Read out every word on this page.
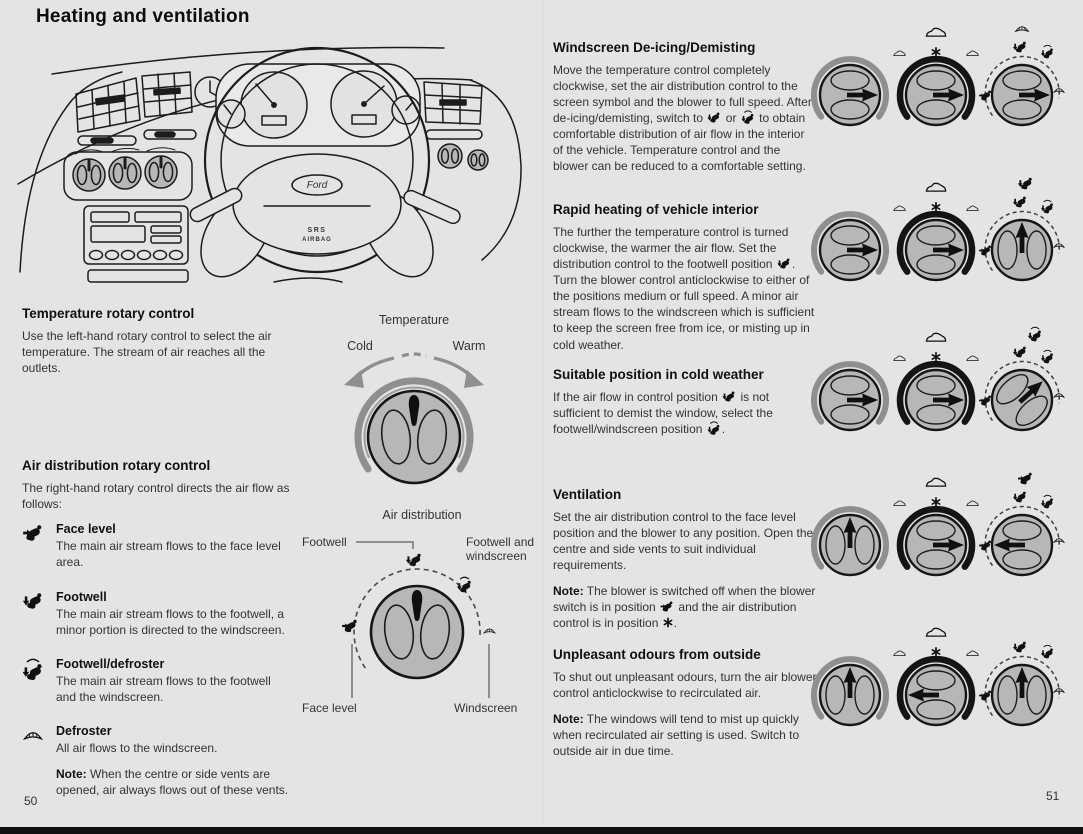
Heating and ventilation
Ford
SRS
AIRBAG
Temperature rotary control

Use the left-hand rotary control to select the air temperature. The stream of air reaches all the outlets.

Air distribution rotary control

The right-hand rotary control directs the air flow as follows:

Face level

The main air stream flows to the face level area.

Footwell

The main air stream flows to the footwell, a minor portion is directed to the windscreen.

Footwell/defroster

The main air stream flows to the footwell and the windscreen.

Defroster

All air flows to the windscreen.

Note: When the centre or side vents are opened, air always flows out of these vents.

Temperature
Cold	Warm
Air distribution
Footwell	Footwell and
windscreen
Face level	Windscreen
Windscreen De-icing/Demisting

Move the temperature control completely clockwise, set the air distribution control to the screen symbol and the blower to full speed. After de-icing/demisting, switch to or to obtain comfortable distribution of air flow in the interior of the vehicle. Temperature control and the blower can be reduced to a comfortable setting.

Rapid heating of vehicle interior

The further the temperature control is turned clockwise, the warmer the air flow. Set the distribution control to the footwell position . Turn the blower control anticlockwise to either of the positions medium or full speed. A minor air stream flows to the windscreen which is sufficient to keep the screen free from ice, or misting up in cold weather.

Suitable position in cold weather

If the air flow in control position is not sufficient to demist the window, select the footwell/windscreen position .

Ventilation

Set the air distribution control to the face level position and the blower to any position. Open the centre and side vents to suit individual requirements.

Note: The blower is switched off when the blower switch is in position and the air distribution control is in position .

Unpleasant odours from outside

To shut out unpleasant odours, turn the air blower control anticlockwise to recirculated air.

Note: The windows will tend to mist up quickly when recirculated air setting is used. Switch to outside air in due time.

50	51
